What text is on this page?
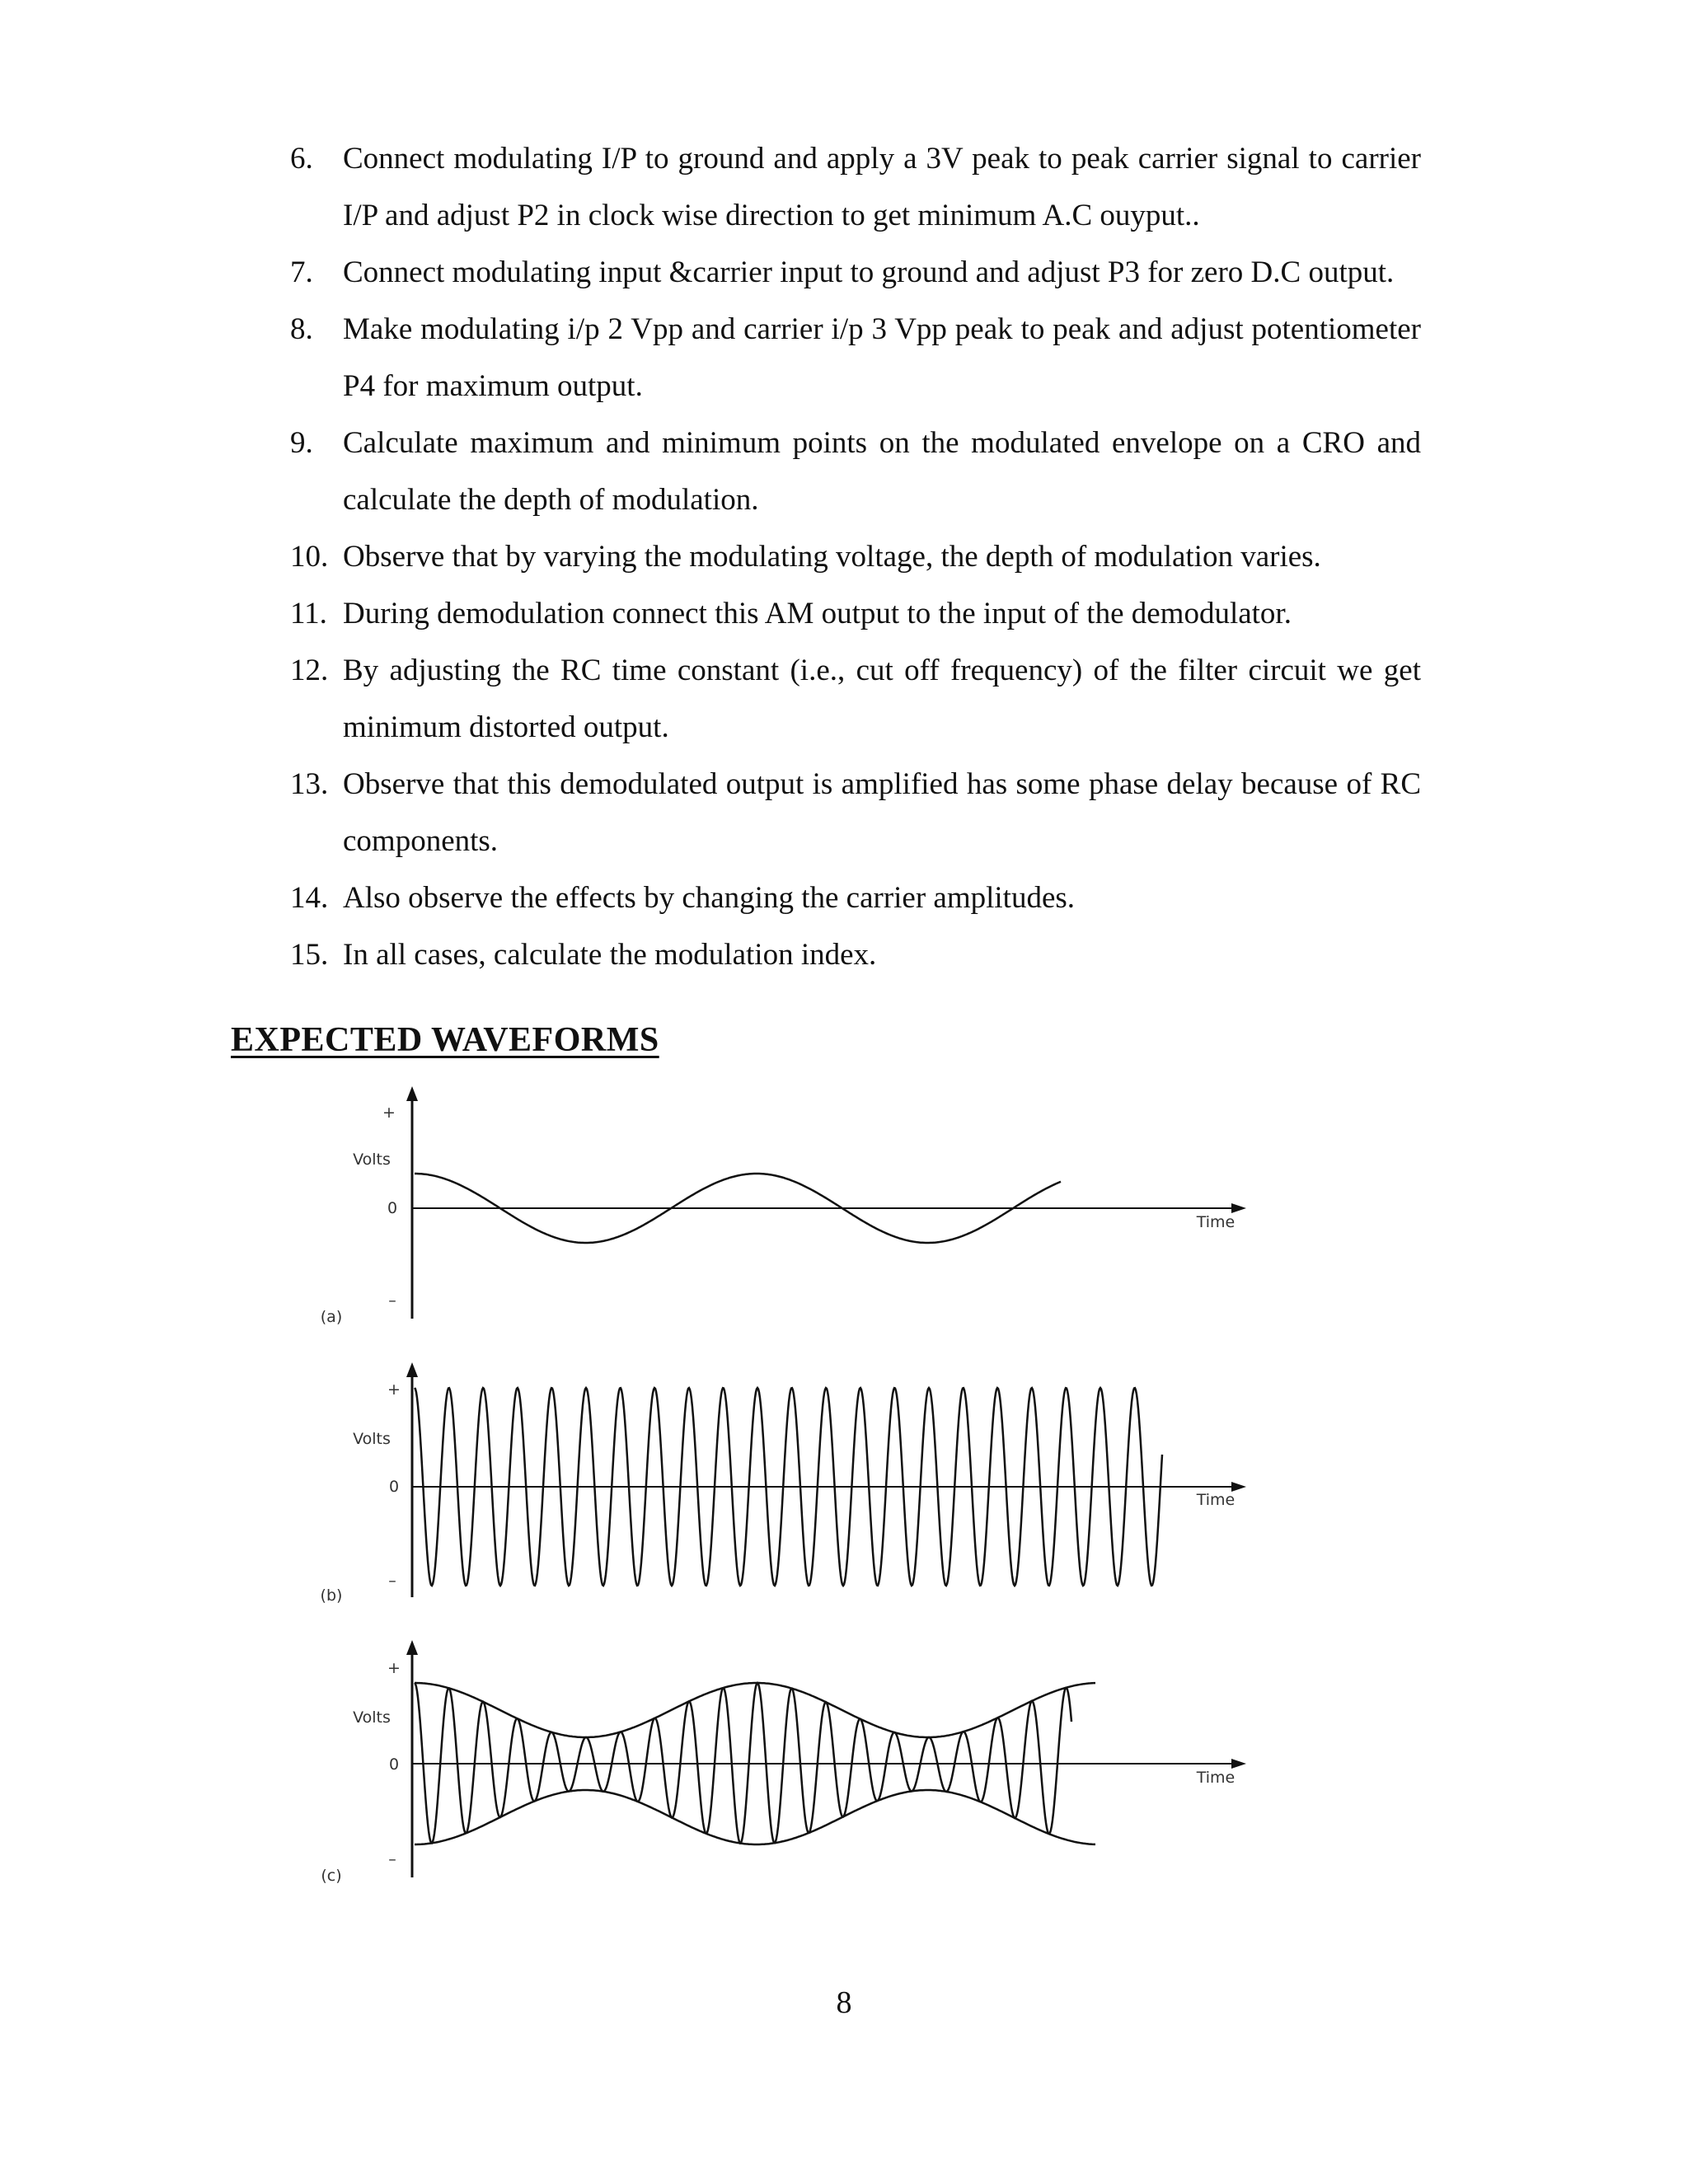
6. Connect modulating I/P to ground and apply a 3V peak to peak carrier signal to carrier I/P and adjust P2 in clock wise direction to get minimum A.C ouyput..
7. Connect modulating input &carrier input to ground and adjust P3 for zero D.C output.
8. Make modulating i/p 2 Vpp and carrier i/p 3 Vpp peak to peak and adjust potentiometer P4 for maximum output.
9. Calculate maximum and minimum points on the modulated envelope on a CRO and calculate the depth of modulation.
10. Observe that by varying the modulating voltage, the depth of modulation varies.
11. During demodulation connect this AM output to the input of the demodulator.
12. By adjusting the RC time constant (i.e., cut off frequency) of the filter circuit we get minimum distorted output.
13. Observe that this demodulated output is amplified has some phase delay because of RC components.
14. Also observe the effects by changing the carrier amplitudes.
15. In all cases, calculate the modulation index.
EXPECTED WAVEFORMS
+
Volts
0
–
Time
(a)
+
Volts
0
–
Time
(b)
+
Volts
0
–
Time
(c)
8
